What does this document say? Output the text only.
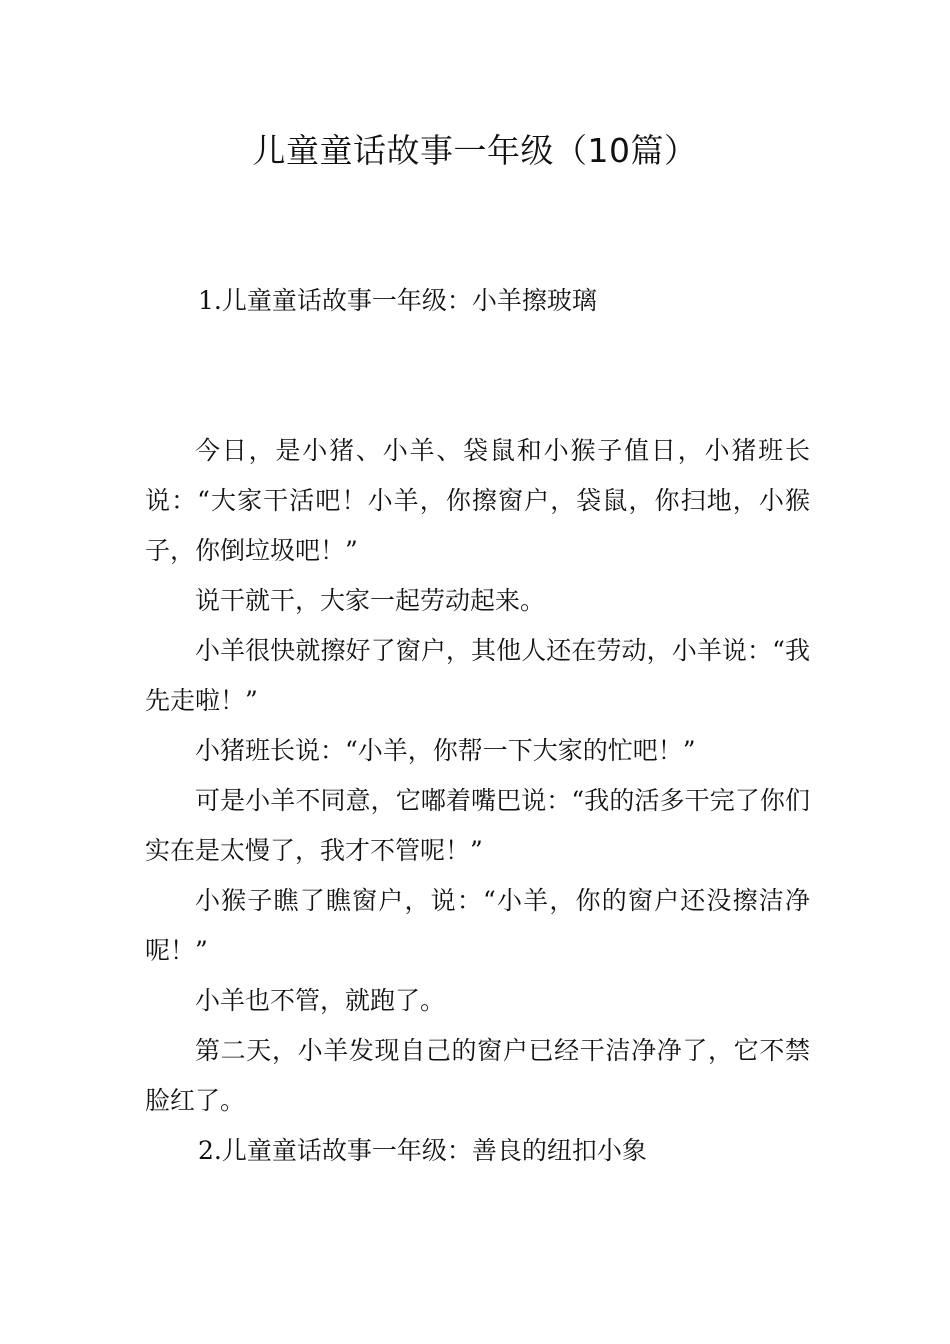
儿童童话故事一年级（10篇）

1.儿童童话故事一年级：小羊擦玻璃

今日，是小猪、小羊、袋鼠和小猴子值日，小猪班长说：“大家干活吧！小羊，你擦窗户，袋鼠，你扫地，小猴子，你倒垃圾吧！”

说干就干，大家一起劳动起来。

小羊很快就擦好了窗户，其他人还在劳动，小羊说：“我先走啦！”

小猪班长说：“小羊，你帮一下大家的忙吧！”

可是小羊不同意，它嘟着嘴巴说：“我的活多干完了你们实在是太慢了，我才不管呢！”

小猴子瞧了瞧窗户，说：“小羊，你的窗户还没擦洁净呢！”

小羊也不管，就跑了。

第二天，小羊发现自己的窗户已经干洁净净了，它不禁脸红了。

2.儿童童话故事一年级：善良的纽扣小象
